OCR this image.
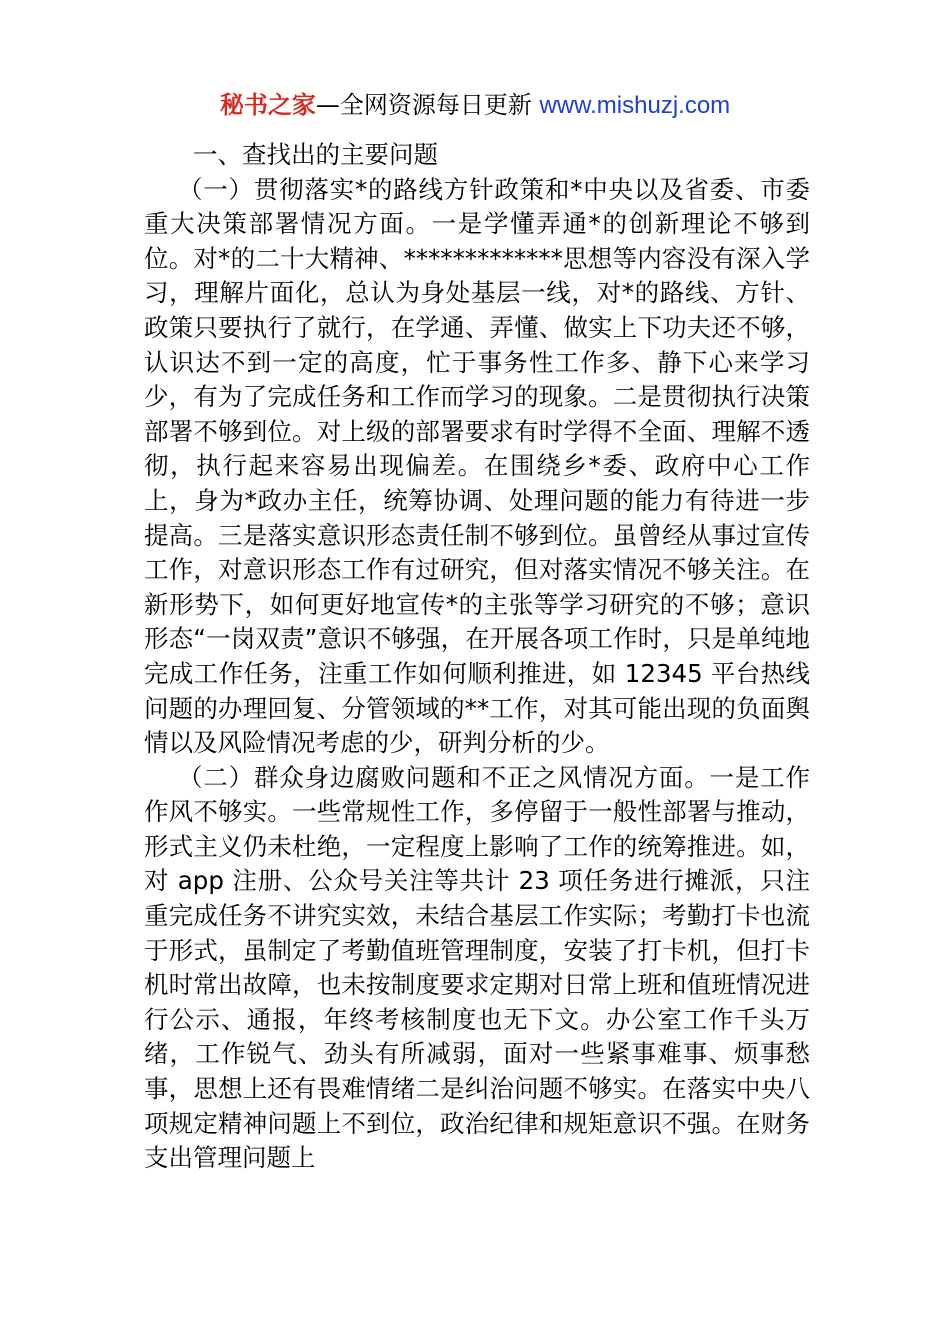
秘书之家—全网资源每日更新 www.mishuzj.com

一、查找出的主要问题

（一）贯彻落实*的路线方针政策和*中央以及省委、市委重大决策部署情况方面。一是学懂弄通*的创新理论不够到位。对*的二十大精神、*************思想等内容没有深入学习，理解片面化，总认为身处基层一线，对*的路线、方针、政策只要执行了就行，在学通、弄懂、做实上下功夫还不够，认识达不到一定的高度，忙于事务性工作多、静下心来学习少，有为了完成任务和工作而学习的现象。二是贯彻执行决策部署不够到位。对上级的部署要求有时学得不全面、理解不透彻，执行起来容易出现偏差。在围绕乡*委、政府中心工作上，身为*政办主任，统筹协调、处理问题的能力有待进一步提高。三是落实意识形态责任制不够到位。虽曾经从事过宣传工作，对意识形态工作有过研究，但对落实情况不够关注。在新形势下，如何更好地宣传*的主张等学习研究的不够；意识形态“一岗双责”意识不够强，在开展各项工作时，只是单纯地完成工作任务，注重工作如何顺利推进，如 12345 平台热线问题的办理回复、分管领域的**工作，对其可能出现的负面舆情以及风险情况考虑的少，研判分析的少。

（二）群众身边腐败问题和不正之风情况方面。一是工作作风不够实。一些常规性工作，多停留于一般性部署与推动，形式主义仍未杜绝，一定程度上影响了工作的统筹推进。如，对 app 注册、公众号关注等共计 23 项任务进行摊派，只注重完成任务不讲究实效，未结合基层工作实际；考勤打卡也流于形式，虽制定了考勤值班管理制度，安装了打卡机，但打卡机时常出故障，也未按制度要求定期对日常上班和值班情况进行公示、通报，年终考核制度也无下文。办公室工作千头万绪，工作锐气、劲头有所减弱，面对一些紧事难事、烦事愁事，思想上还有畏难情绪二是纠治问题不够实。在落实中央八项规定精神问题上不到位，政治纪律和规矩意识不强。在财务支出管理问题上
